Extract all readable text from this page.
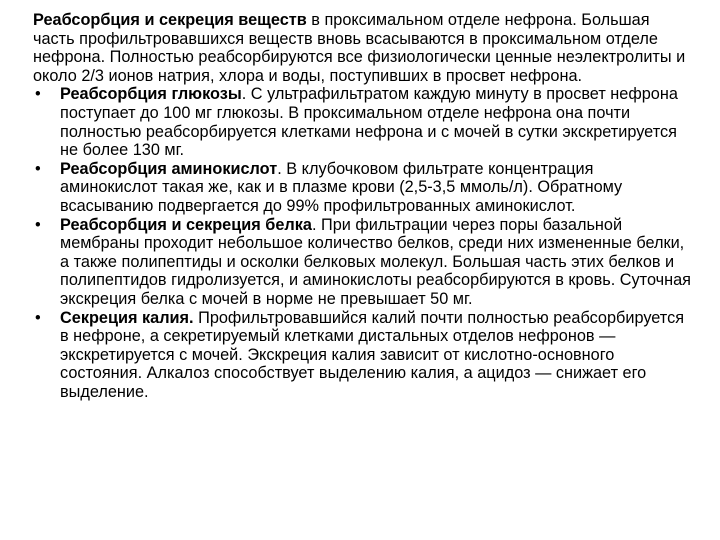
Реабсорбция и секреция веществ в проксимальном отделе нефрона. Большая часть профильтровавшихся веществ вновь всасываются в проксимальном отделе нефрона. Полностью реабсорбируются все физиологически ценные неэлектролиты и около 2/3 ионов натрия, хлора и воды, поступивших в просвет нефрона.

• Реабсорбция глюкозы. С ультрафильтратом каждую минуту в просвет нефрона поступает до 100 мг глюкозы. В проксимальном отделе нефрона она почти полностью реабсорбируется клетками нефрона и с мочей в сутки экскретируется не более 130 мг.
• Реабсорбция аминокислот. В клубочковом фильтрате концентрация аминокислот такая же, как и в плазме крови (2,5-3,5 ммоль/л). Обратному всасыванию подвергается до 99% профильтрованных аминокислот.
• Реабсорбция и секреция белка. При фильтрации через поры базальной мембраны проходит небольшое количество белков, среди них измененные белки, а также полипептиды и осколки белковых молекул. Большая часть этих белков и полипептидов гидролизуется, и аминокислоты реабсорбируются в кровь. Суточная экскреция белка с мочей в норме не превышает 50 мг.
• Секреция калия. Профильтровавшийся калий почти полностью реабсорбируется в нефроне, а секретируемый клетками дистальных отделов нефронов — экскретируется с мочей. Экскреция калия зависит от кислотно-основного состояния. Алкалоз способствует выделению калия, а ацидоз — снижает его выделение.
